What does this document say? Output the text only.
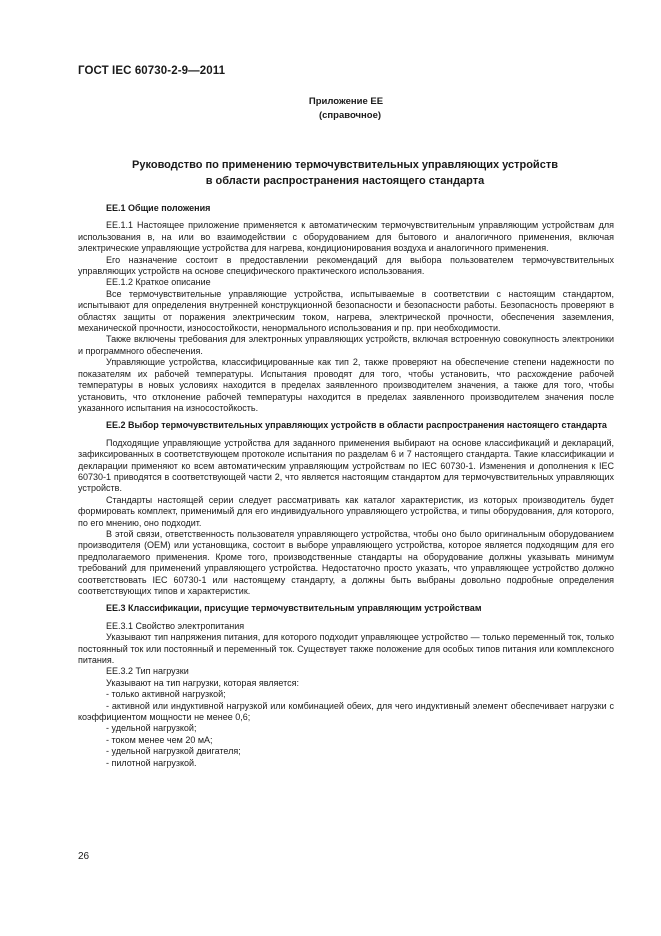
ГОСТ IEC 60730-2-9—2011
Приложение ЕЕ
(справочное)
Руководство по применению термочувствительных управляющих устройств
в области распространения настоящего стандарта

ЕЕ.1 Общие положения

ЕЕ.1.1 Настоящее приложение применяется к автоматическим термочувствительным управляющим устройствам для использования в, на или во взаимодействии с оборудованием для бытового и аналогичного применения, включая электрические управляющие устройства для нагрева, кондиционирования воздуха и аналогичного применения.

Его назначение состоит в предоставлении рекомендаций для выбора пользователем термочувствительных управляющих устройств на основе специфического практического использования.

ЕЕ.1.2 Краткое описание

Все термочувствительные управляющие устройства, испытываемые в соответствии с настоящим стандартом, испытывают для определения внутренней конструкционной безопасности и безопасности работы. Безопасность проверяют в областях защиты от поражения электрическим током, нагрева, электрической прочности, обеспечения заземления, механической прочности, износостойкости, ненормального использования и пр. при необходимости.

Также включены требования для электронных управляющих устройств, включая встроенную совокупность электроники и программного обеспечения.

Управляющие устройства, классифицированные как тип 2, также проверяют на обеспечение степени надежности по показателям их рабочей температуры. Испытания проводят для того, чтобы установить, что расхождение рабочей температуры в новых условиях находится в пределах заявленного производителем значения, а также для того, чтобы установить, что отклонение рабочей температуры находится в пределах заявленного производителем значения после указанного испытания на износостойкость.

ЕЕ.2 Выбор термочувствительных управляющих устройств в области распространения настоящего стандарта

Подходящие управляющие устройства для заданного применения выбирают на основе классификаций и деклараций, зафиксированных в соответствующем протоколе испытания по разделам 6 и 7 настоящего стандарта. Такие классификации и декларации применяют ко всем автоматическим управляющим устройствам по IEC 60730-1. Изменения и дополнения к IEC 60730-1 приводятся в соответствующей части 2, что является настоящим стандартом для термочувствительных управляющих устройств.

Стандарты настоящей серии следует рассматривать как каталог характеристик, из которых производитель будет формировать комплект, применимый для его индивидуального управляющего устройства, и типы оборудования, для которого, по его мнению, оно подходит.

В этой связи, ответственность пользователя управляющего устройства, чтобы оно было оригинальным оборудованием производителя (OEM) или установщика, состоит в выборе управляющего устройства, которое является подходящим для его предполагаемого применения. Кроме того, производственные стандарты на оборудование должны указывать минимум требований для применений управляющего устройства. Недостаточно просто указать, что управляющее устройство должно соответствовать IEC 60730-1 или настоящему стандарту, а должны быть выбраны довольно подробные определения соответствующих типов и характеристик.

ЕЕ.3 Классификации, присущие термочувствительным управляющим устройствам

ЕЕ.3.1 Свойство электропитания

Указывают тип напряжения питания, для которого подходит управляющее устройство — только переменный ток, только постоянный ток или постоянный и переменный ток. Существует также положение для особых типов питания или комплексного питания.

ЕЕ.3.2 Тип нагрузки

Указывают на тип нагрузки, которая является:

- только активной нагрузкой;

- активной или индуктивной нагрузкой или комбинацией обеих, для чего индуктивный элемент обеспечивает нагрузки с коэффициентом мощности не менее 0,6;

- удельной нагрузкой;

- током менее чем 20 мА;

- удельной нагрузкой двигателя;

- пилотной нагрузкой.

26
